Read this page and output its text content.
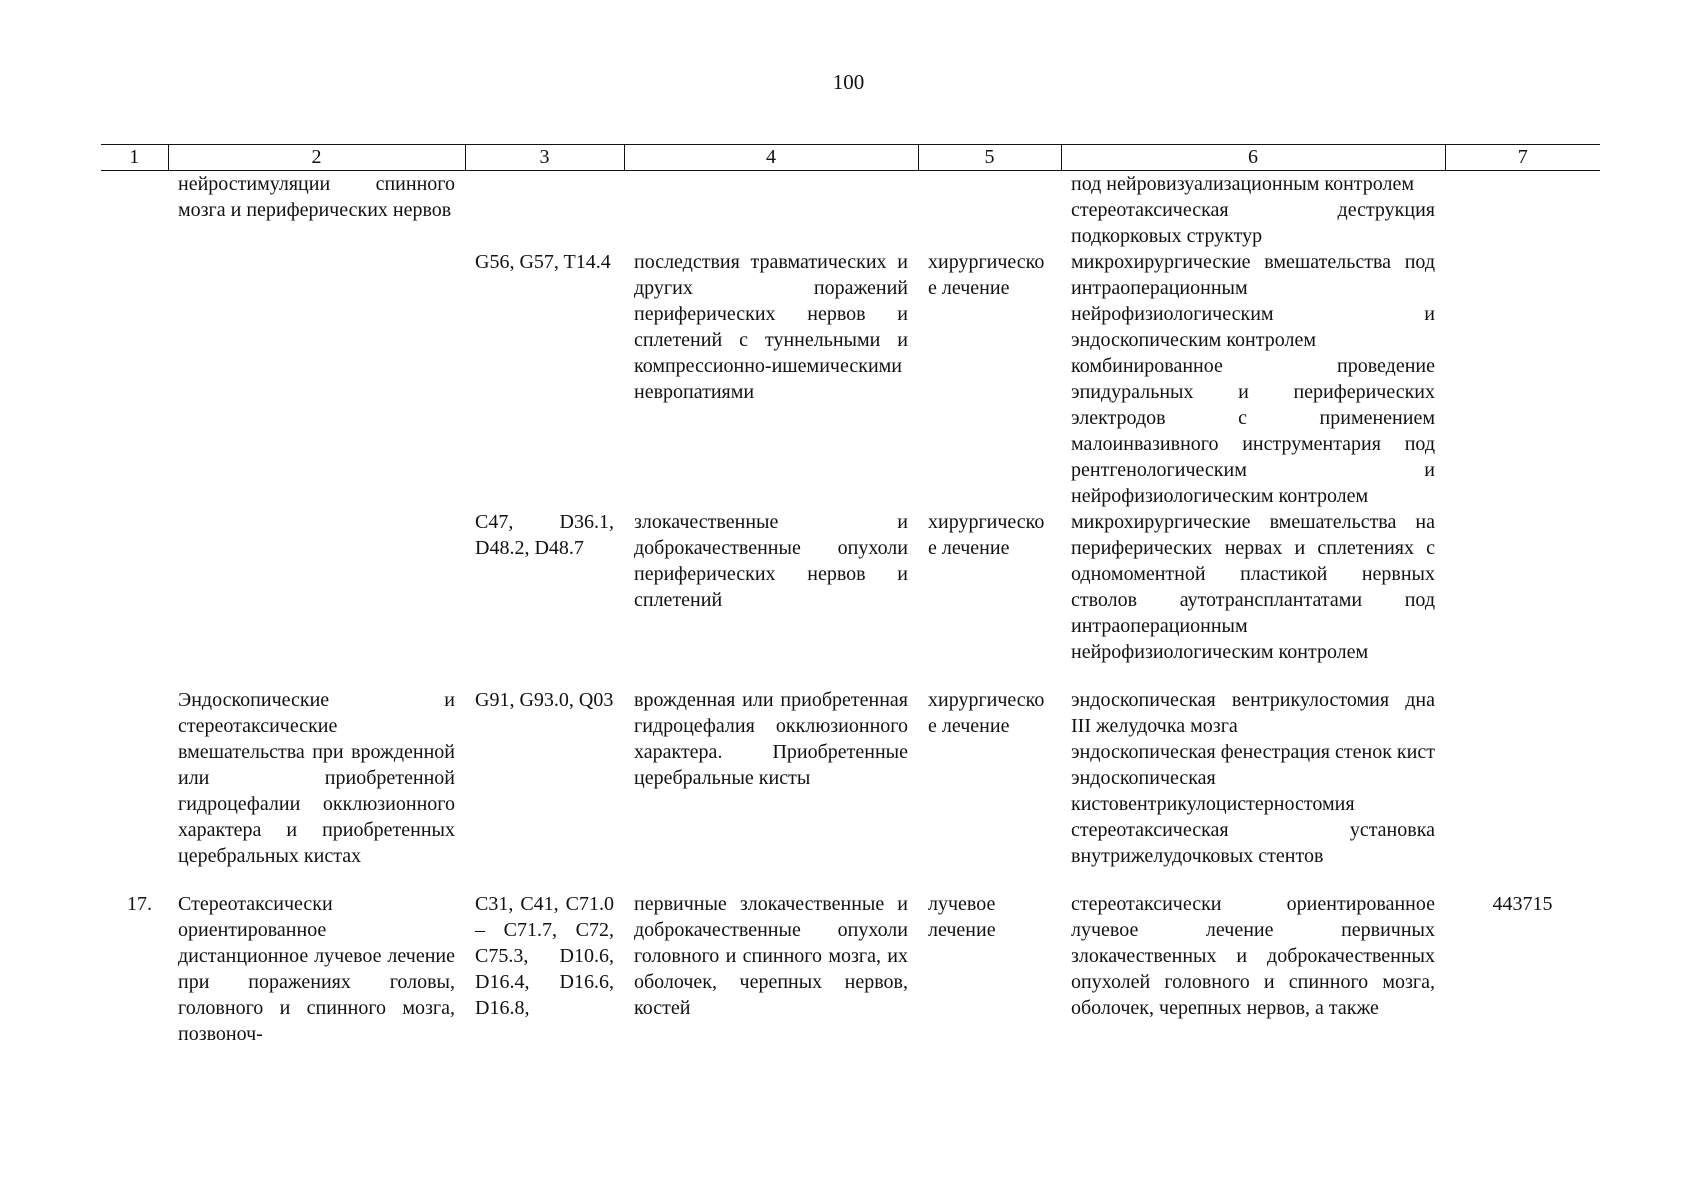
100
1	2	3	4	5	6	7

	нейростимуляции спинного мозга и периферических нервов				под нейровизуализационным контролем
стереотаксическая деструкция подкорковых структур	

		G56, G57, T14.4	последствия травматических и других поражений периферических нервов и сплетений с туннельными и компрессионно-ишемическими невропатиями	хирургическое лечение	микрохирургические вмешательства под интраоперационным нейрофизиологическим и эндоскопическим контролем
комбинированное проведение эпидуральных и периферических электродов с применением малоинвазивного инструментария под рентгенологическим и нейрофизиологическим контролем	

		C47, D36.1, D48.2, D48.7	злокачественные и доброкачественные опухоли периферических нервов и сплетений	хирургическое лечение	микрохирургические вмешательства на периферических нервах и сплетениях с одномоментной пластикой нервных стволов аутотрансплантатами под интраоперационным нейрофизиологическим контролем	

	Эндоскопические и стереотаксические вмешательства при врожденной или приобретенной гидроцефалии окклюзионного характера и приобретенных церебральных кистах	G91, G93.0, Q03	врожденная или приобретенная гидроцефалия окклюзионного характера. Приобретенные церебральные кисты	хирургическое лечение	эндоскопическая вентрикулостомия дна III желудочка мозга
эндоскопическая фенестрация стенок кист
эндоскопическая кистовентрикулоцистерностомия
стереотаксическая установка внутрижелудочковых стентов	

17.	Стереотаксически ориентированное дистанционное лучевое лечение при поражениях головы, головного и спинного мозга, позвоноч-	C31, C41, C71.0 – C71.7, C72, C75.3, D10.6, D16.4, D16.6, D16.8,	первичные злокачественные и доброкачественные опухоли головного и спинного мозга, их оболочек, черепных нервов, костей	лучевое лечение	стереотаксически ориентированное лучевое лечение первичных злокачественных и доброкачественных опухолей головного и спинного мозга, оболочек, черепных нервов, а также	443715
